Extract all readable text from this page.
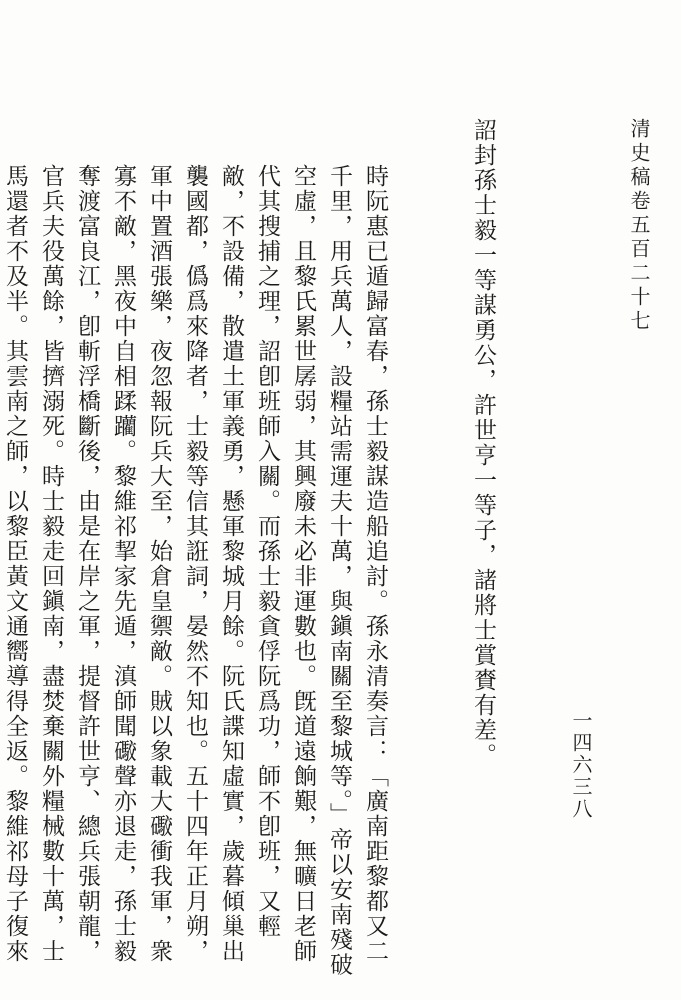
清史稿卷五百二十七
一四六三八

詔封孫士毅一等謀勇公，許世亨一等子，諸將士賞賚有差。

時阮惠已遁歸富春，孫士毅謀造船追討。孫永清奏言：「廣南距黎都又二千里，用兵萬人，設糧站需運夫十萬，與鎭南關至黎城等。」帝以安南殘破空虛，且黎氏累世孱弱，其興廢未必非運數也。旣道遠餉艱，無曠日老師代其搜捕之理，詔卽班師入關。而孫士毅貪俘阮爲功，師不卽班，又輕敵，不設備，散遣土軍義勇，懸軍黎城月餘。阮氏諜知虛實，歲暮傾巢出襲國都，僞爲來降者，士毅等信其誑詞，晏然不知也。五十四年正月朔，軍中置酒張樂，夜忽報阮兵大至，始倉皇禦敵。賊以象載大礮衝我軍，衆寡不敵，黑夜中自相蹂躪。黎維祁挈家先遁，滇師聞礮聲亦退走，孫士毅奪渡富良江，卽斬浮橋斷後，由是在岸之軍，提督許世亨、總兵張朝龍，官兵夫役萬餘，皆擠溺死。時士毅走回鎭南，盡焚棄關外糧械數十萬，士馬還者不及半。其雲南之師，以黎臣黃文通嚮導得全返。黎維祁母子復來
